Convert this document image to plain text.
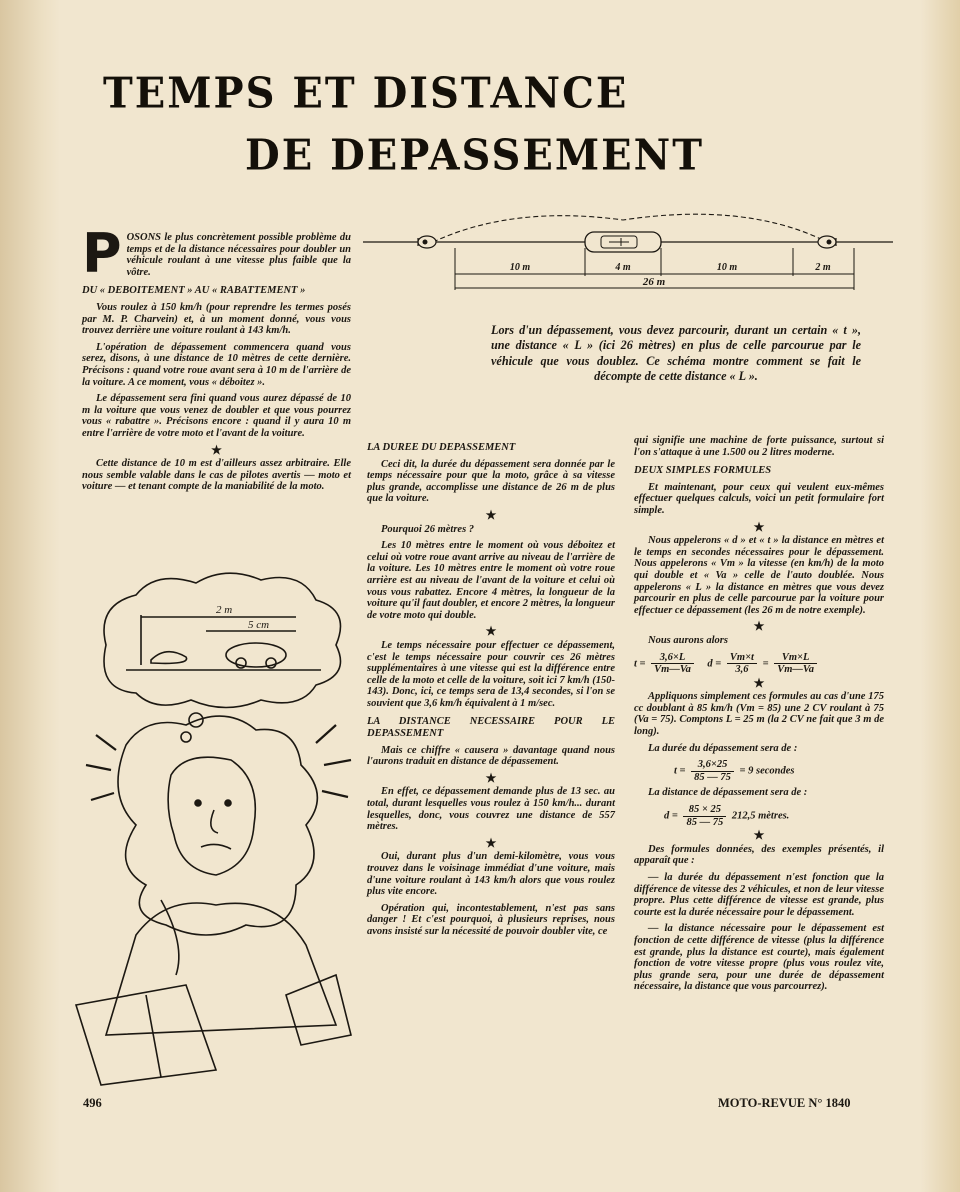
TEMPS ET DISTANCE
DE DEPASSEMENT
10 m	4 m	10 m	2 m
26 m
Lors d'un dépassement, vous devez parcourir, durant un certain « t », une distance « L » (ici 26 mètres) en plus de celle parcourue par le véhicule que vous doublez. Ce schéma montre comment se fait le décompte de cette distance « L ».

POSONS le plus concrètement possible problème du temps et de la distance nécessaires pour doubler un véhicule roulant à une vitesse plus faible que la vôtre.

DU « DEBOITEMENT » AU « RABATTEMENT »

Vous roulez à 150 km/h (pour reprendre les termes posés par M. P. Charvein) et, à un moment donné, vous vous trouvez derrière une voiture roulant à 143 km/h.

L'opération de dépassement commencera quand vous serez, disons, à une distance de 10 mètres de cette dernière. Précisons : quand votre roue avant sera à 10 m de l'arrière de la voiture. A ce moment, vous « déboitez ».

Le dépassement sera fini quand vous aurez dépassé de 10 m la voiture que vous venez de doubler et que vous pourrez vous « rabattre ». Précisons encore : quand il y aura 10 m entre l'arrière de votre moto et l'avant de la voiture.

★

Cette distance de 10 m est d'ailleurs assez arbitraire. Elle nous semble valable dans le cas de pilotes avertis — moto et voiture — et tenant compte de la maniabilité de la moto.

2 m
5 cm
LA DUREE DU DEPASSEMENT

Ceci dit, la durée du dépassement sera donnée par le temps nécessaire pour que la moto, grâce à sa vitesse plus grande, accomplisse une distance de 26 m de plus que la voiture.

★

Pourquoi 26 mètres ?

Les 10 mètres entre le moment où vous déboitez et celui où votre roue avant arrive au niveau de l'arrière de la voiture. Les 10 mètres entre le moment où votre roue arrière est au niveau de l'avant de la voiture et celui où vous vous rabattez. Encore 4 mètres, la longueur de la voiture qu'il faut doubler, et encore 2 mètres, la longueur de votre moto qui double.

★

Le temps nécessaire pour effectuer ce dépassement, c'est le temps nécessaire pour couvrir ces 26 mètres supplémentaires à une vitesse qui est la différence entre celle de la moto et celle de la voiture, soit ici 7 km/h (150-143). Donc, ici, ce temps sera de 13,4 secondes, si l'on se souvient que 3,6 km/h équivalent à 1 m/sec.

LA DISTANCE NECESSAIRE POUR LE DEPASSEMENT

Mais ce chiffre « causera » davantage quand nous l'aurons traduit en distance de dépassement.

★

En effet, ce dépassement demande plus de 13 sec. au total, durant lesquelles vous roulez à 150 km/h... durant lesquelles, donc, vous couvrez une distance de 557 mètres.

★

Oui, durant plus d'un demi-kilomètre, vous vous trouvez dans le voisinage immédiat d'une voiture, mais d'une voiture roulant à 143 km/h alors que vous roulez plus vite encore.

Opération qui, incontestablement, n'est pas sans danger ! Et c'est pourquoi, à plusieurs reprises, nous avons insisté sur la nécessité de pouvoir doubler vite, ce

qui signifie une machine de forte puissance, surtout si l'on s'attaque à une 1.500 ou 2 litres moderne.

DEUX SIMPLES FORMULES

Et maintenant, pour ceux qui veulent eux-mêmes effectuer quelques calculs, voici un petit formulaire fort simple.

★

Nous appelerons « d » et « t » la distance en mètres et le temps en secondes nécessaires pour le dépassement. Nous appelerons « Vm » la vitesse (en km/h) de la moto qui double et « Va » celle de l'auto doublée. Nous appelerons « L » la distance en mètres que vous devez parcourir en plus de celle parcourue par la voiture pour effectuer ce dépassement (les 26 m de notre exemple).

★

Nous aurons alors

$t = \frac{3,6\times L}{Vm—Va}$ $d = \frac{Vm\times t}{3,6} = \frac{Vm\times L}{Vm—Va}$
★

Appliquons simplement ces formules au cas d'une 175 cc doublant à 85 km/h (Vm = 85) une 2 CV roulant à 75 (Va = 75). Comptons L = 25 m (la 2 CV ne fait que 3 m de long).

La durée du dépassement sera de :

$t = \frac{3,6\times 25}{85 — 75} = 9$ secondes

La distance de dépassement sera de :

$d = \frac{85 \times 25}{85 — 75} 212,5$ mètres.
★

Des formules données, des exemples présentés, il apparaît que :

— la durée du dépassement n'est fonction que la différence de vitesse des 2 véhicules, et non de leur vitesse propre. Plus cette différence de vitesse est grande, plus courte est la durée nécessaire pour le dépassement.

— la distance nécessaire pour le dépassement est fonction de cette différence de vitesse (plus la différence est grande, plus la distance est courte), mais également fonction de votre vitesse propre (plus vous roulez vite, plus grande sera, pour une durée de dépassement nécessaire, la distance que vous parcourrez).

496	MOTO-REVUE N° 1840
